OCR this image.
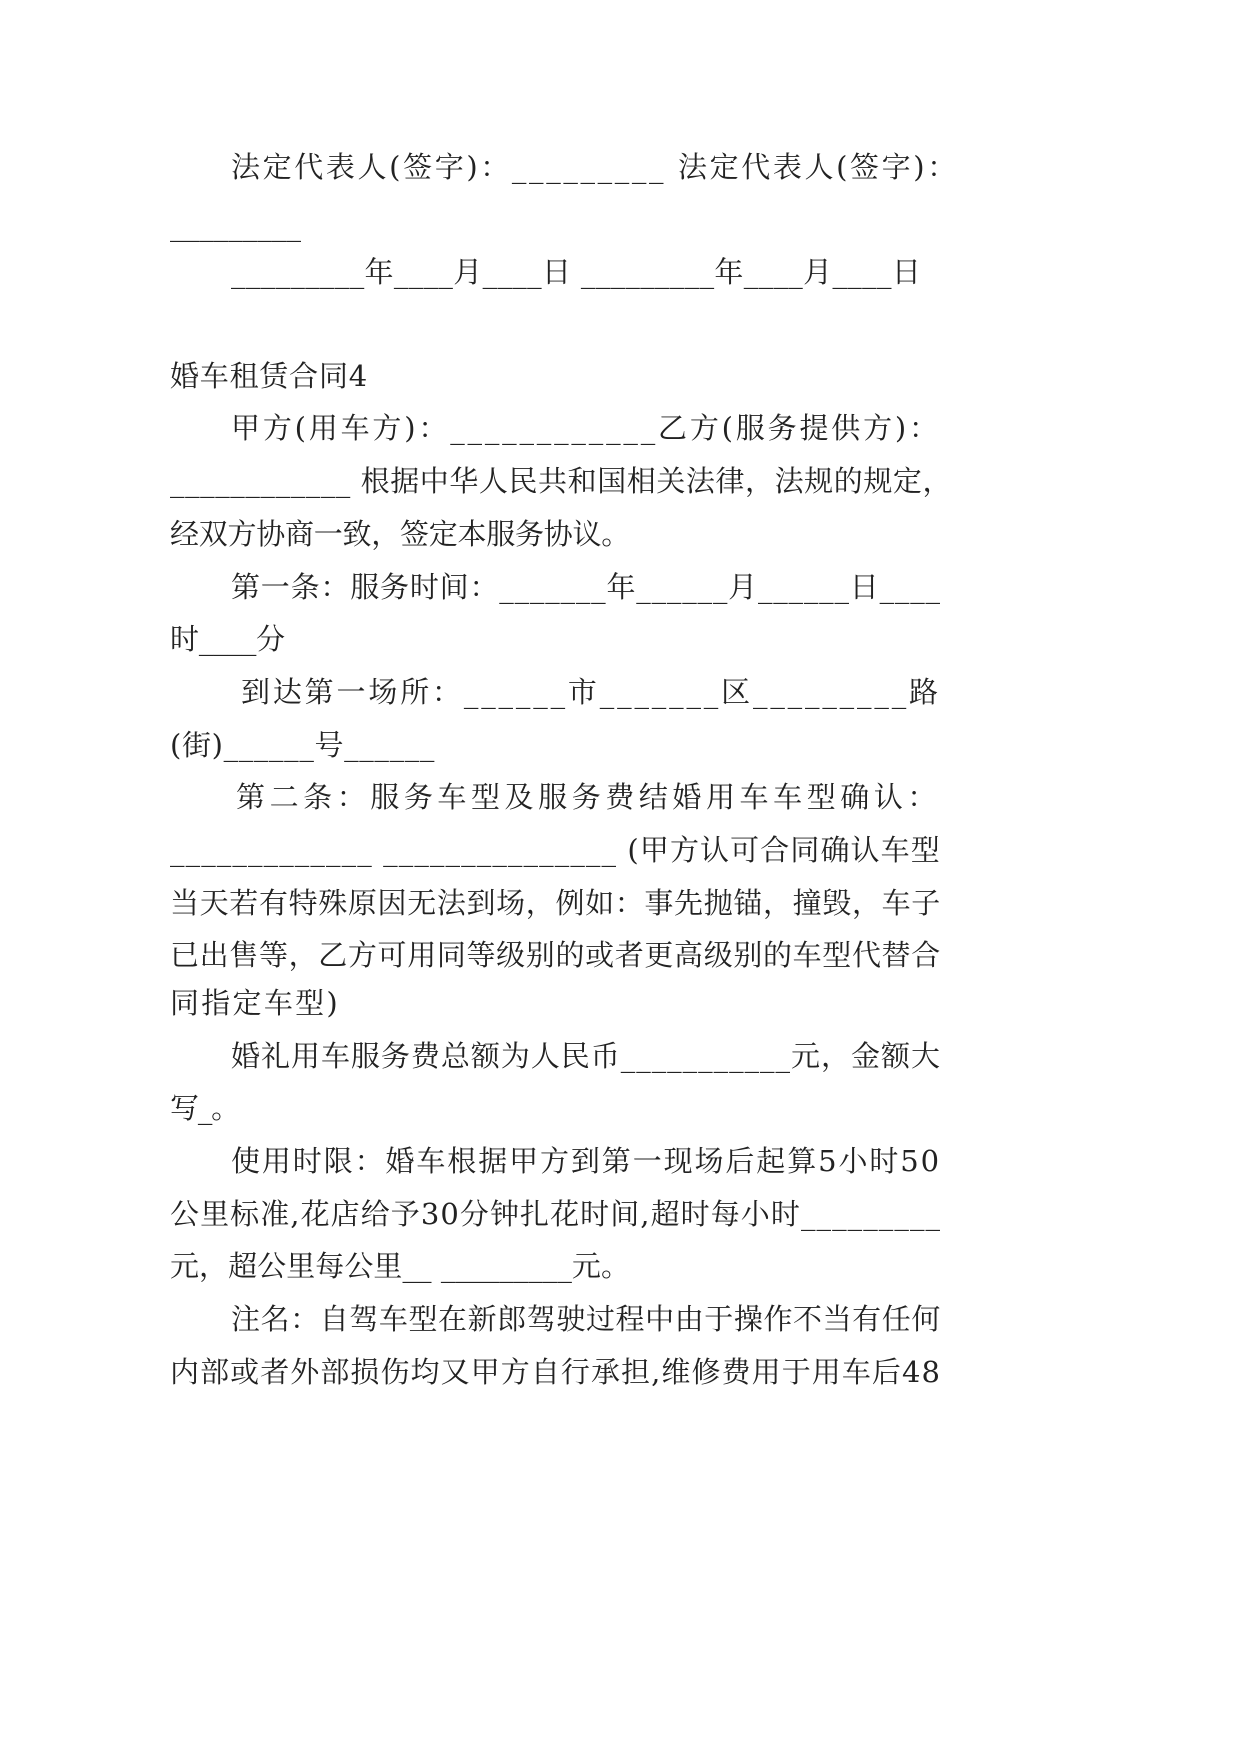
法定代表人(签字)：_________ 法定代表人(签字)：

_________

_________年____月____日 _________年____月____日

婚车租赁合同4

甲方(用车方)：____________乙方(服务提供方)：

____________ 根据中华人民共和国相关法律，法规的规定，

经双方协商一致，签定本服务协议。

第一条：服务时间：_______年______月______日____

时____分

到达第一场所：______市_______区_________路

(街)______号______

第二条：服务车型及服务费结婚用车车型确认：

_____________ _______________ (甲方认可合同确认车型

当天若有特殊原因无法到场，例如：事先抛锚，撞毁，车子

已出售等，乙方可用同等级别的或者更高级别的车型代替合

同指定车型)

婚礼用车服务费总额为人民币___________元，金额大

写_。

使用时限：婚车根据甲方到第一现场后起算5小时50

公里标准,花店给予30分钟扎花时间,超时每小时_________

元，超公里每公里__ _________元。

注名：自驾车型在新郎驾驶过程中由于操作不当有任何

内部或者外部损伤均又甲方自行承担,维修费用于用车后48
